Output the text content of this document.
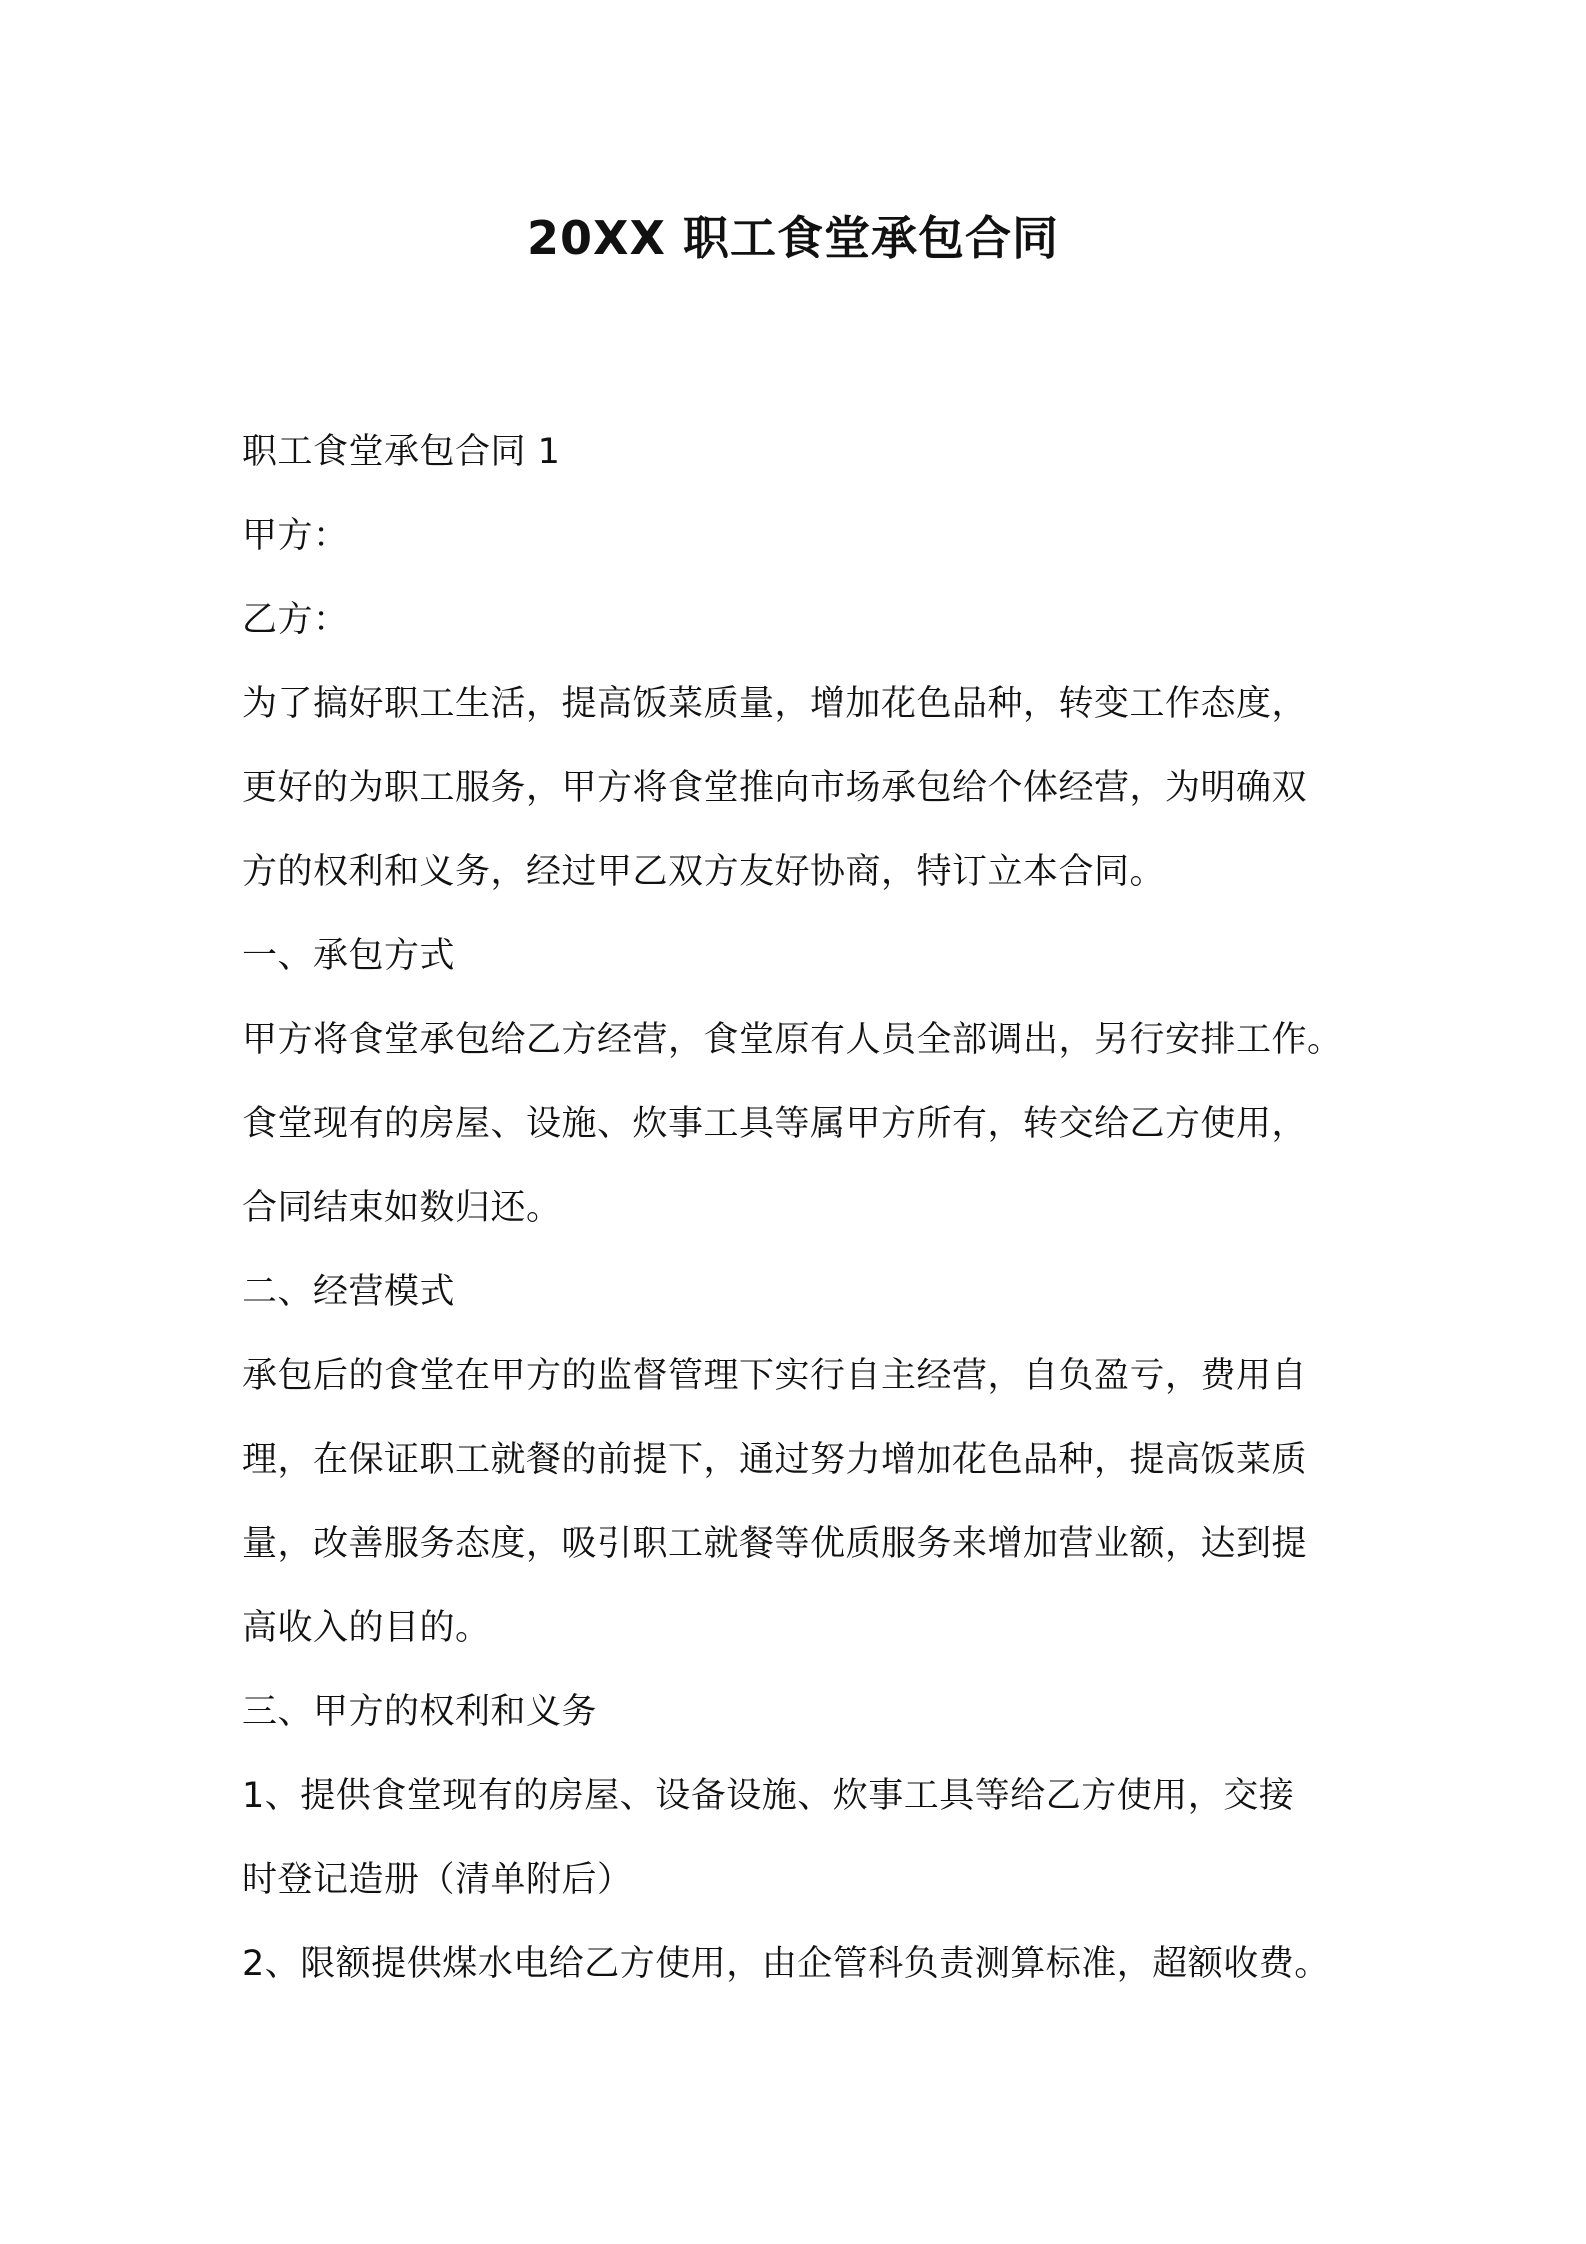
20XX 职工食堂承包合同

职工食堂承包合同 1

甲方：

乙方：

为了搞好职工生活，提高饭菜质量，增加花色品种，转变工作态度，

更好的为职工服务，甲方将食堂推向市场承包给个体经营，为明确双

方的权利和义务，经过甲乙双方友好协商，特订立本合同。

一、承包方式

甲方将食堂承包给乙方经营，食堂原有人员全部调出，另行安排工作。

食堂现有的房屋、设施、炊事工具等属甲方所有，转交给乙方使用，

合同结束如数归还。

二、经营模式

承包后的食堂在甲方的监督管理下实行自主经营，自负盈亏，费用自

理，在保证职工就餐的前提下，通过努力增加花色品种，提高饭菜质

量，改善服务态度，吸引职工就餐等优质服务来增加营业额，达到提

高收入的目的。

三、甲方的权利和义务

1、提供食堂现有的房屋、设备设施、炊事工具等给乙方使用，交接

时登记造册（清单附后）

2、限额提供煤水电给乙方使用，由企管科负责测算标准，超额收费。
